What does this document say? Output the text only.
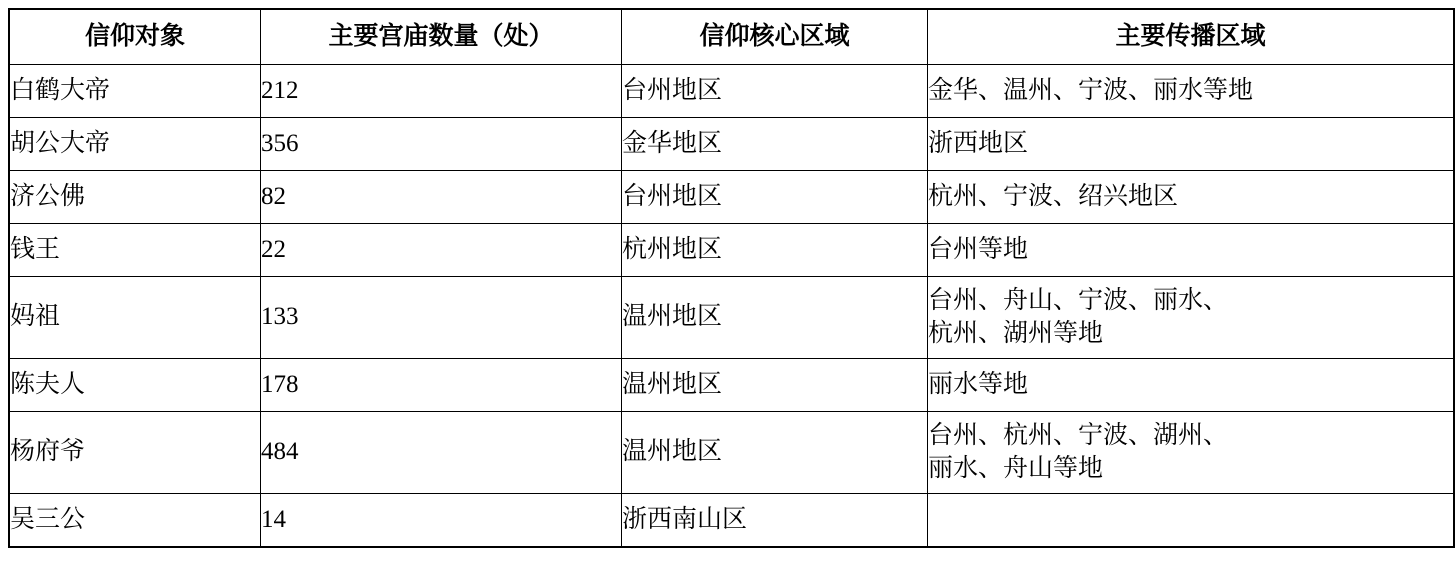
信仰对象	主要宫庙数量（处）	信仰核心区域	主要传播区域
白鹤大帝	212	台州地区	金华、温州、宁波、丽水等地

胡公大帝	356	金华地区	浙西地区

济公佛	82	台州地区	杭州、宁波、绍兴地区

钱王	22	杭州地区	台州等地

妈祖	133	温州地区	台州、舟山、宁波、丽水、
杭州、湖州等地

陈夫人	178	温州地区	丽水等地

杨府爷	484	温州地区	台州、杭州、宁波、湖州、
丽水、舟山等地

吴三公	14	浙西南山区	
